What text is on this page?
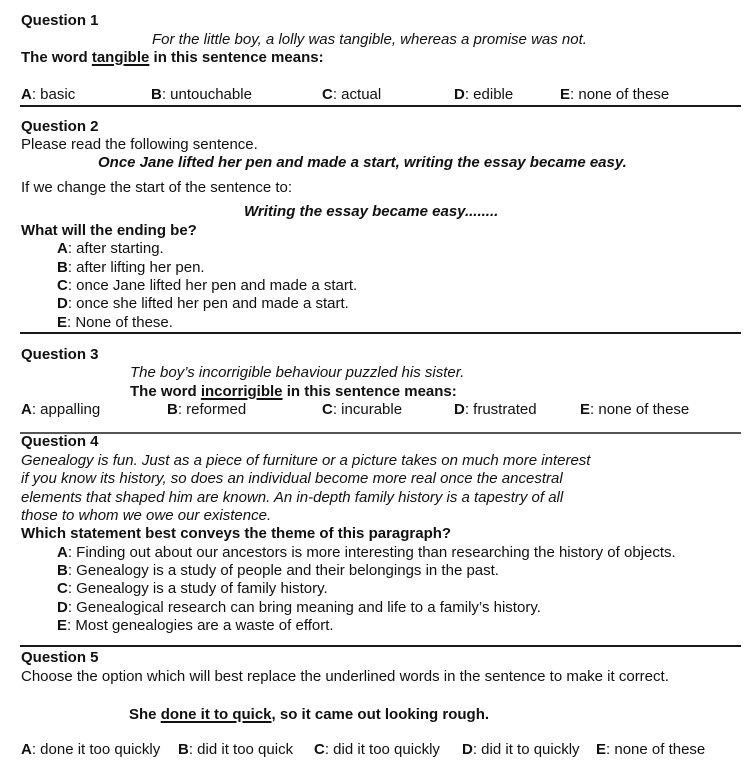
Question 1
For the little boy, a lolly was tangible, whereas a promise was not.
The word tangible in this sentence means:
A: basic	B: untouchable	C: actual	D: edible	E: none of these
Question 2
Please read the following sentence.
Once Jane lifted her pen and made a start, writing the essay became easy.
If we change the start of the sentence to:
Writing the essay became easy........
What will the ending be?
A: after starting.
B: after lifting her pen.
C: once Jane lifted her pen and made a start.
D: once she lifted her pen and made a start.
E: None of these.
Question 3
The boy’s incorrigible behaviour puzzled his sister.
The word incorrigible in this sentence means:
A: appalling	B: reformed	C: incurable	D: frustrated	E: none of these
Question 4
Genealogy is fun. Just as a piece of furniture or a picture takes on much more interest
if you know its history, so does an individual become more real once the ancestral
elements that shaped him are known. An in-depth family history is a tapestry of all
those to whom we owe our existence.
Which statement best conveys the theme of this paragraph?
A: Finding out about our ancestors is more interesting than researching the history of objects.
B: Genealogy is a study of people and their belongings in the past.
C: Genealogy is a study of family history.
D: Genealogical research can bring meaning and life to a family’s history.
E: Most genealogies are a waste of effort.
Question 5
Choose the option which will best replace the underlined words in the sentence to make it correct.
She done it to quick, so it came out looking rough.
A: done it too quickly B: did it too quick C: did it too quickly D: did it to quickly E: none of these
